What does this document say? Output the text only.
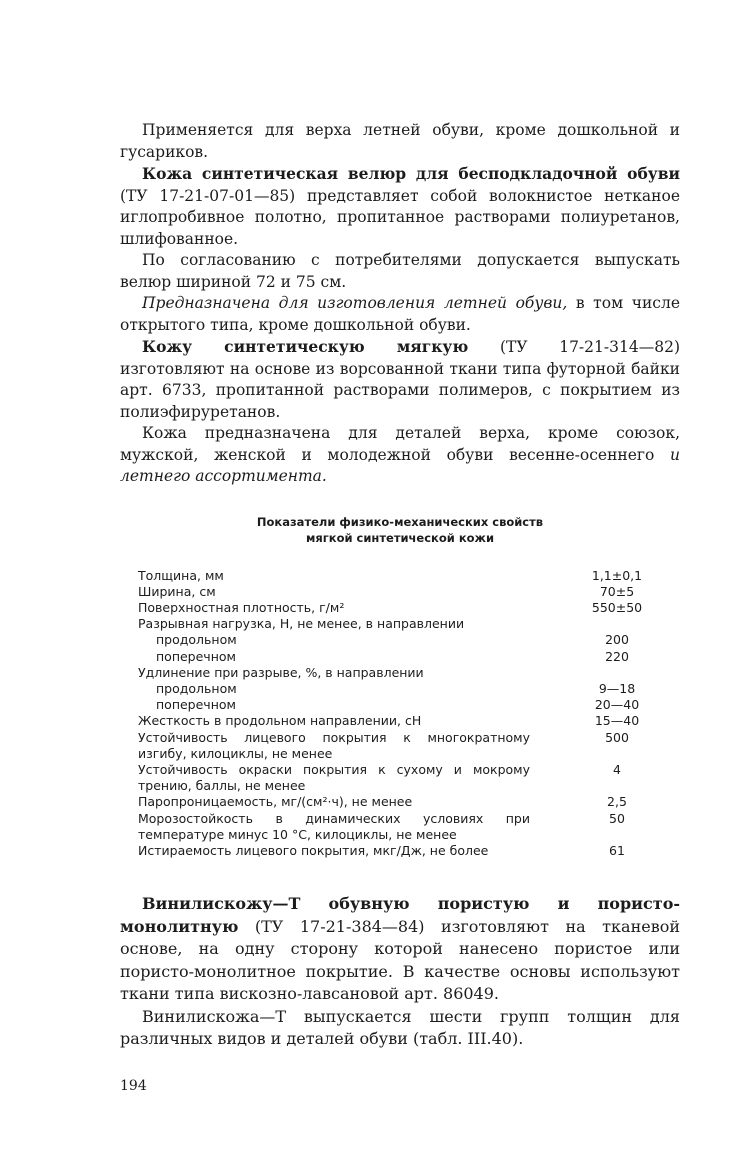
Применяется для верха летней обуви, кроме дошкольной и гусариков.

Кожа синтетическая велюр для бесподкладочной обуви (ТУ 17-21-07-01—85) представляет собой волокнистое нетканое иглопробивное полотно, пропитанное растворами полиуретанов, шлифованное.

По согласованию с потребителями допускается выпускать велюр шириной 72 и 75 см.

Предназначена для изготовления летней обуви, в том числе открытого типа, кроме дошкольной обуви.

Кожу синтетическую мягкую (ТУ 17-21-314—82) изготовляют на основе из ворсованной ткани типа футорной байки арт. 6733, пропитанной растворами полимеров, с покрытием из полиэфируретанов.

Кожа предназначена для деталей верха, кроме союзок, мужской, женской и молодежной обуви весенне-осеннего и летнего ассортимента.

Показатели физико-механических свойств
мягкой синтетической кожи
Толщина, мм	1,1±0,1
Ширина, см	70±5
Поверхностная плотность, г/м²	550±50
Разрывная нагрузка, Н, не менее, в направлении
продольном	200
поперечном	220
Удлинение при разрыве, %, в направлении
продольном	9—18
поперечном	20—40
Жесткость в продольном направлении, сН	15—40
Устойчивость лицевого покрытия к многократному изгибу, килоциклы, не менее
500
Устойчивость окраски покрытия к сухому и мокрому трению, баллы, не менее
4
Паропроницаемость, мг/(см²·ч), не менее	2,5
Морозостойкость в динамических условиях при температуре минус 10 °С, килоциклы, не менее
50
Истираемость лицевого покрытия, мкг/Дж, не более	61

Винилискожу—Т обувную пористую и пористо-монолитную (ТУ 17-21-384—84) изготовляют на тканевой основе, на одну сторону которой нанесено пористое или пористо-монолитное покрытие. В качестве основы используют ткани типа вискозно-лавсановой арт. 86049.

Винилискожа—Т выпускается шести групп толщин для различных видов и деталей обуви (табл. III.40).

194
